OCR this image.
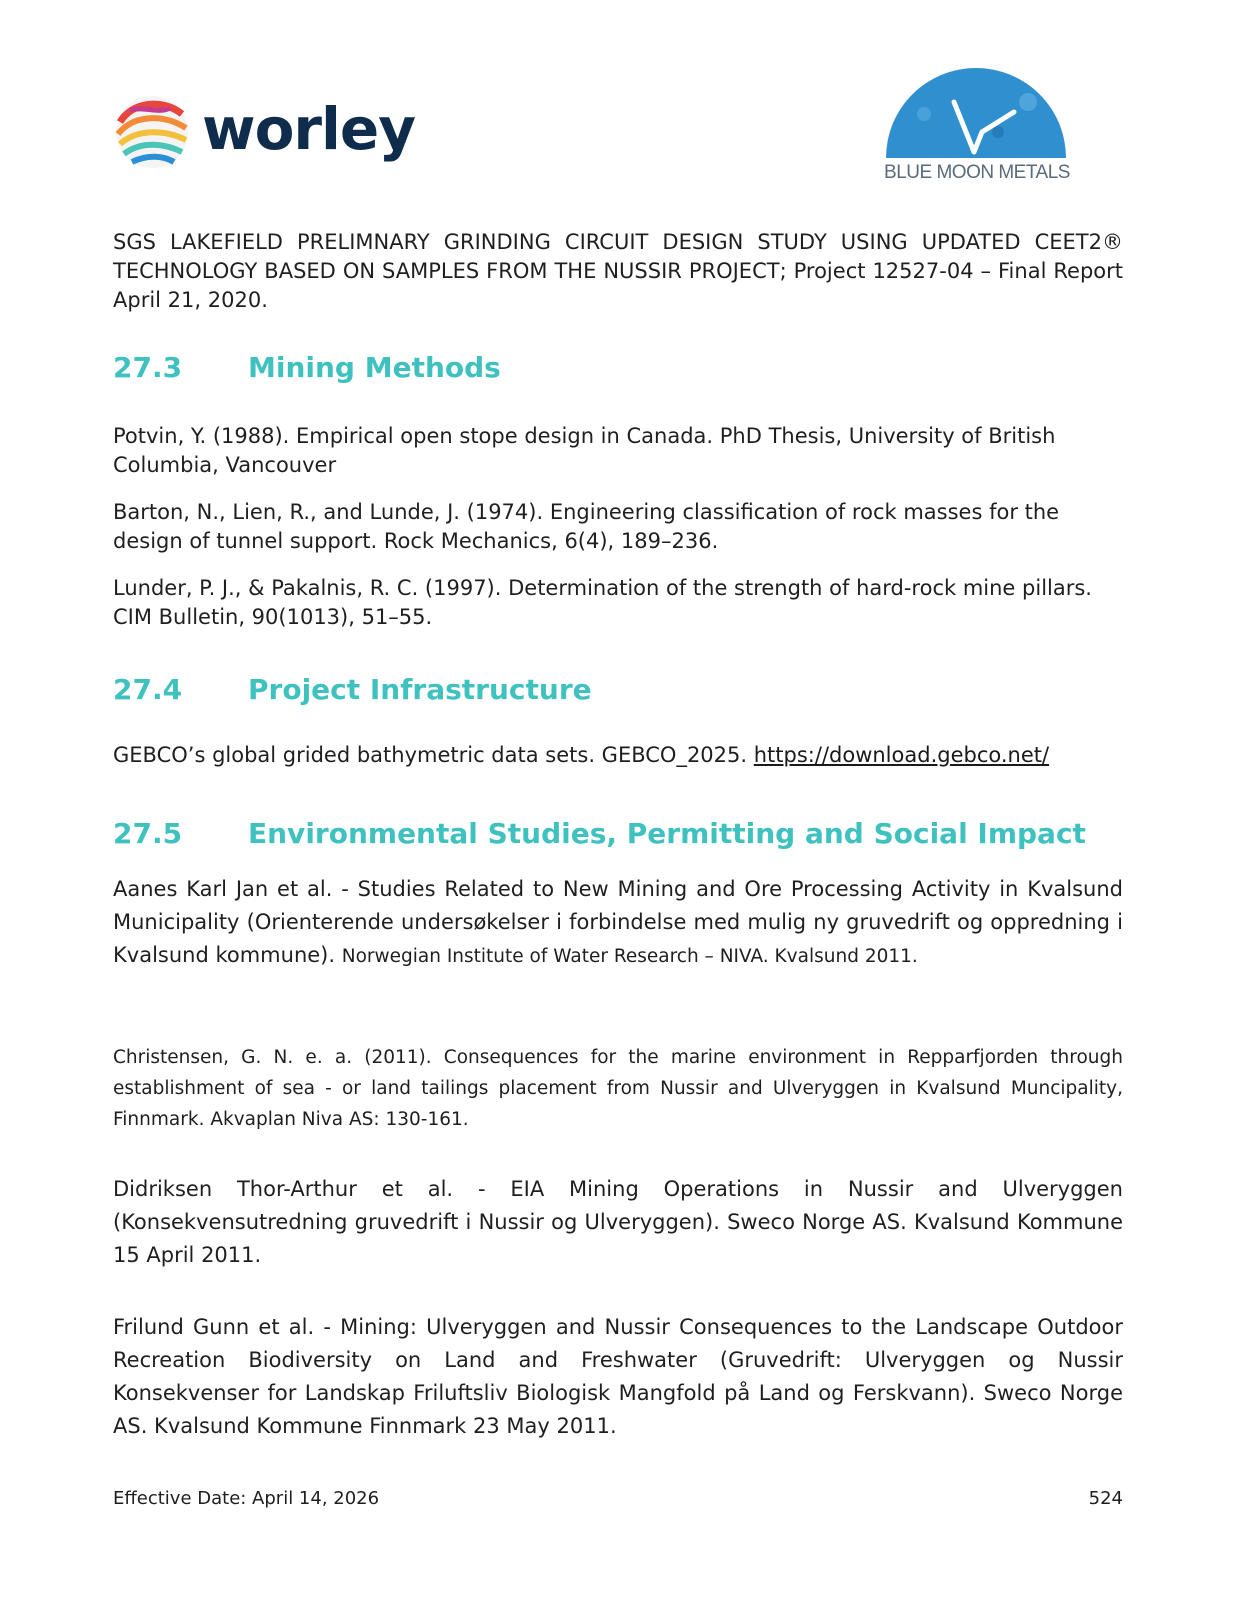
worley
BLUE MOON METALS

SGS LAKEFIELD PRELIMNARY GRINDING CIRCUIT DESIGN STUDY USING UPDATED CEET2® TECHNOLOGY BASED ON SAMPLES FROM THE NUSSIR PROJECT; Project 12527-04 – Final Report April 21, 2020.

27.3 Mining Methods

Potvin, Y. (1988). Empirical open stope design in Canada. PhD Thesis, University of British Columbia, Vancouver

Barton, N., Lien, R., and Lunde, J. (1974). Engineering classification of rock masses for the design of tunnel support. Rock Mechanics, 6(4), 189–236.

Lunder, P. J., & Pakalnis, R. C. (1997). Determination of the strength of hard-rock mine pillars. CIM Bulletin, 90(1013), 51–55.

27.4 Project Infrastructure

GEBCO’s global grided bathymetric data sets. GEBCO_2025. https://download.gebco.net/

27.5 Environmental Studies, Permitting and Social Impact

Aanes Karl Jan et al. - Studies Related to New Mining and Ore Processing Activity in Kvalsund Municipality (Orienterende undersøkelser i forbindelse med mulig ny gruvedrift og oppredning i Kvalsund kommune). Norwegian Institute of Water Research – NIVA. Kvalsund 2011.

Christensen, G. N. e. a. (2011). Consequences for the marine environment in Repparfjorden through establishment of sea - or land tailings placement from Nussir and Ulveryggen in Kvalsund Muncipality, Finnmark. Akvaplan Niva AS: 130-161.

Didriksen Thor-Arthur et al. - EIA Mining Operations in Nussir and Ulveryggen (Konsekvensutredning gruvedrift i Nussir og Ulveryggen). Sweco Norge AS. Kvalsund Kommune 15 April 2011.

Frilund Gunn et al. - Mining: Ulveryggen and Nussir Consequences to the Landscape Outdoor Recreation Biodiversity on Land and Freshwater (Gruvedrift: Ulveryggen og Nussir Konsekvenser for Landskap Friluftsliv Biologisk Mangfold på Land og Ferskvann). Sweco Norge AS. Kvalsund Kommune Finnmark 23 May 2011.

Effective Date: April 14, 2026	524
